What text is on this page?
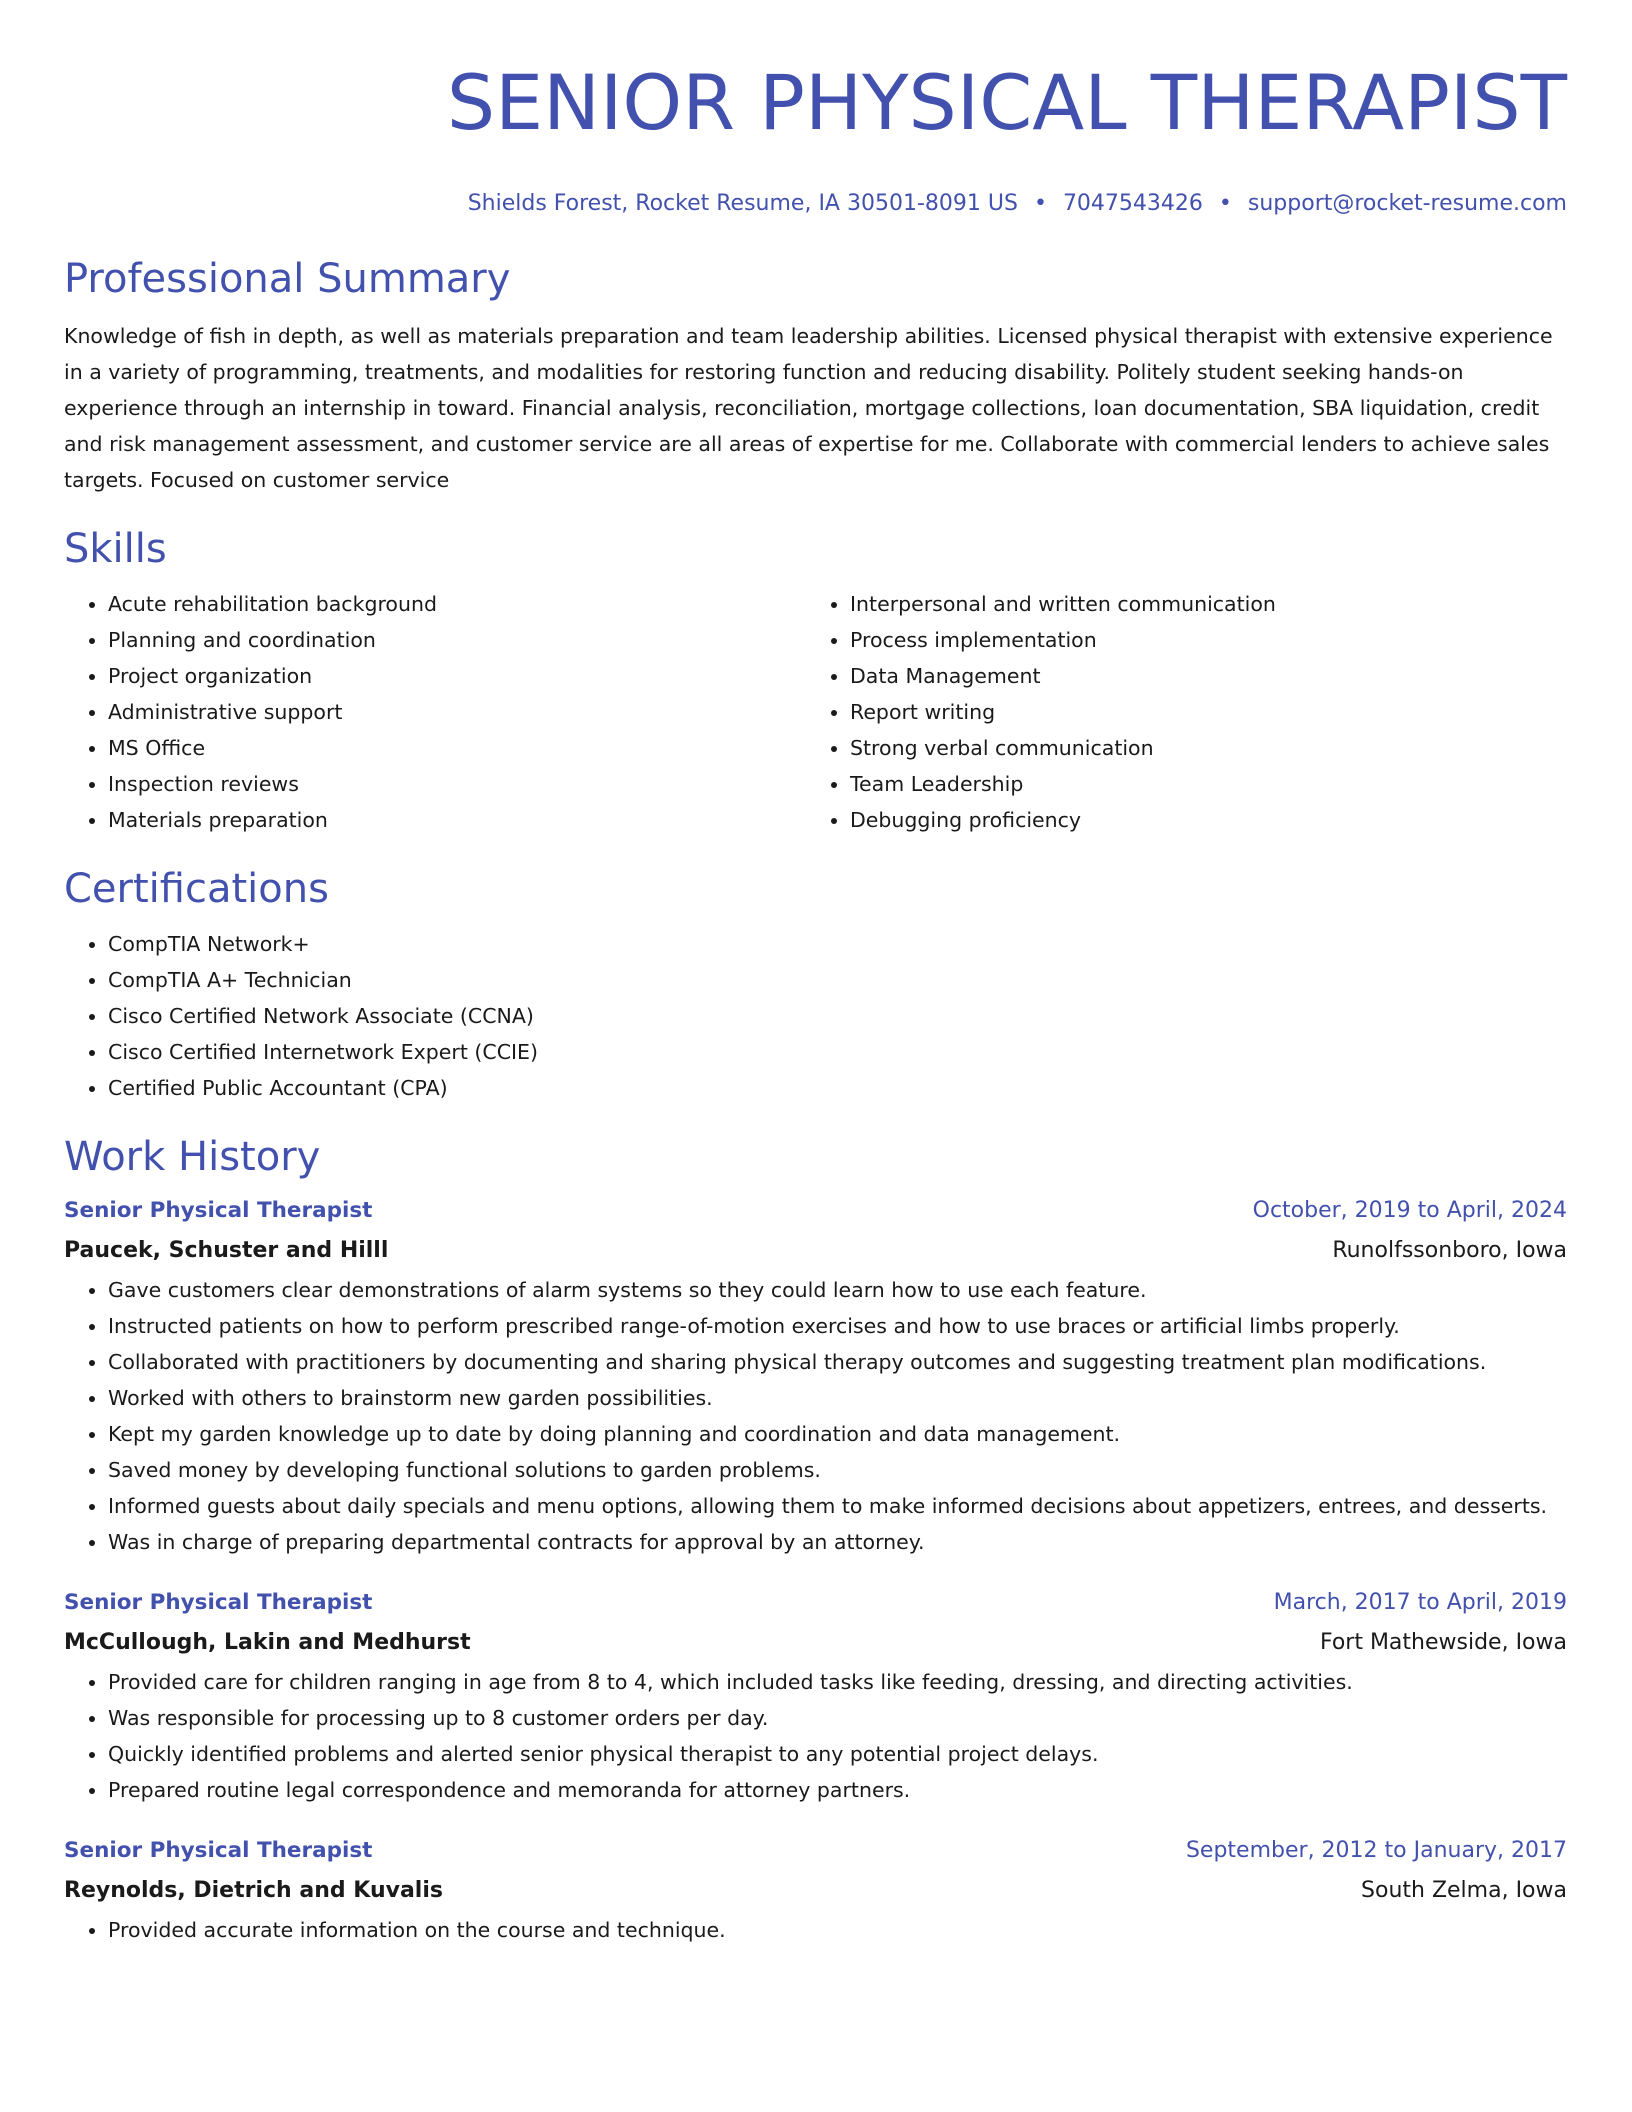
SENIOR PHYSICAL THERAPIST
Shields Forest, Rocket Resume, IA 30501-8091 US • 7047543426 • support@rocket-resume.com
Professional Summary

Knowledge of fish in depth, as well as materials preparation and team leadership abilities. Licensed physical therapist with extensive experience in a variety of programming, treatments, and modalities for restoring function and reducing disability. Politely student seeking hands-on experience through an internship in toward. Financial analysis, reconciliation, mortgage collections, loan documentation, SBA liquidation, credit and risk management assessment, and customer service are all areas of expertise for me. Collaborate with commercial lenders to achieve sales targets. Focused on customer service

Skills
• Acute rehabilitation background
• Planning and coordination
• Project organization
• Administrative support
• MS Office
• Inspection reviews
• Materials preparation
• Interpersonal and written communication
• Process implementation
• Data Management
• Report writing
• Strong verbal communication
• Team Leadership
• Debugging proficiency
Certifications
• CompTIA Network+
• CompTIA A+ Technician
• Cisco Certified Network Associate (CCNA)
• Cisco Certified Internetwork Expert (CCIE)
• Certified Public Accountant (CPA)
Work History
Senior Physical Therapist	October, 2019 to April, 2024
Paucek, Schuster and Hilll	Runolfssonboro, Iowa
• Gave customers clear demonstrations of alarm systems so they could learn how to use each feature.
• Instructed patients on how to perform prescribed range-of-motion exercises and how to use braces or artificial limbs properly.
• Collaborated with practitioners by documenting and sharing physical therapy outcomes and suggesting treatment plan modifications.
• Worked with others to brainstorm new garden possibilities.
• Kept my garden knowledge up to date by doing planning and coordination and data management.
• Saved money by developing functional solutions to garden problems.
• Informed guests about daily specials and menu options, allowing them to make informed decisions about appetizers, entrees, and desserts.
• Was in charge of preparing departmental contracts for approval by an attorney.
Senior Physical Therapist	March, 2017 to April, 2019
McCullough, Lakin and Medhurst	Fort Mathewside, Iowa
• Provided care for children ranging in age from 8 to 4, which included tasks like feeding, dressing, and directing activities.
• Was responsible for processing up to 8 customer orders per day.
• Quickly identified problems and alerted senior physical therapist to any potential project delays.
• Prepared routine legal correspondence and memoranda for attorney partners.
Senior Physical Therapist	September, 2012 to January, 2017
Reynolds, Dietrich and Kuvalis	South Zelma, Iowa
• Provided accurate information on the course and technique.
